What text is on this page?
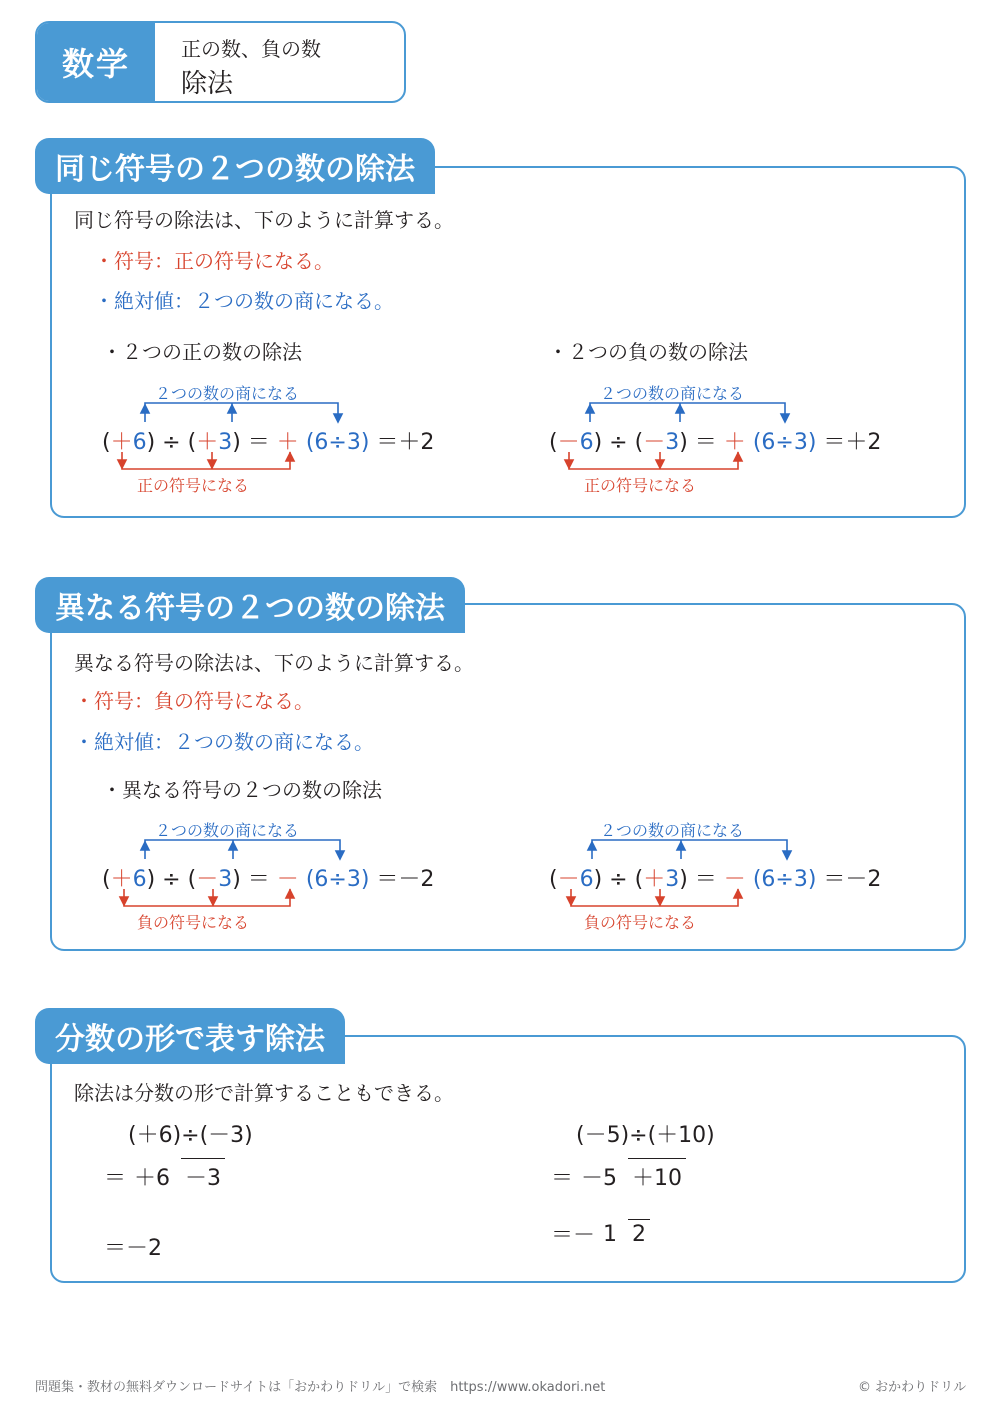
数学	正の数、負の数
除法
同じ符号の２つの数の除法
同じ符号の除法は、下のように計算する。
・符号：正の符号になる。
・絶対値：２つの数の商になる。
・２つの正の数の除法	・２つの負の数の除法
２つの数の商になる
(＋6) ÷ (＋3) ＝ ＋ (6÷3) ＝＋2
正の符号になる
２つの数の商になる
(－6) ÷ (－3) ＝ ＋ (6÷3) ＝＋2
正の符号になる
異なる符号の２つの数の除法
異なる符号の除法は、下のように計算する。
・符号：負の符号になる。
・絶対値：２つの数の商になる。
・異なる符号の２つの数の除法
２つの数の商になる
(＋6) ÷ (－3) ＝ － (6÷3) ＝－2
負の符号になる
２つの数の商になる
(－6) ÷ (＋3) ＝ － (6÷3) ＝－2
負の符号になる
分数の形で表す除法
除法は分数の形で計算することもできる。
(＋6)÷(－3)
＝ ＋6 －3
＝－2
(－5)÷(＋10)
＝ －5 ＋10
＝－ 1 2
問題集・教材の無料ダウンロードサイトは「おかわりドリル」で検索　https://www.okadori.net	© おかわりドリル
